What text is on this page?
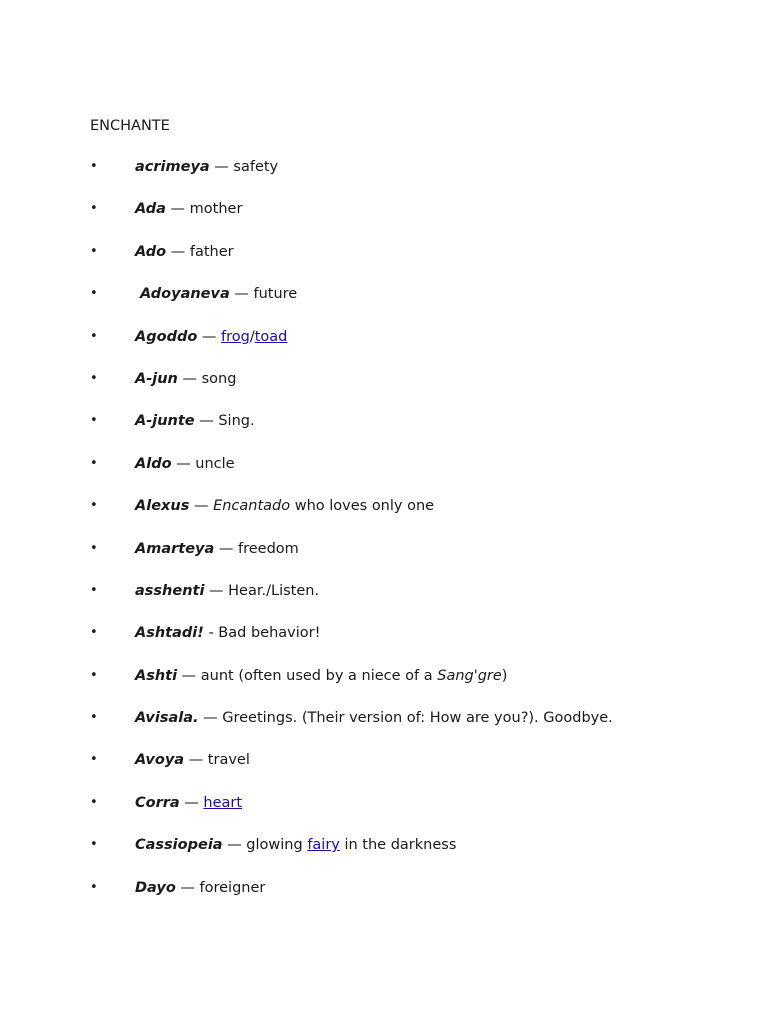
ENCHANTE
•	acrimeya — safety
•	Ada — mother
•	Ado — father
•	Adoyaneva — future
•	Agoddo — frog/toad
•	A-jun — song
•	A-junte — Sing.
•	Aldo — uncle
•	Alexus — Encantado who loves only one
•	Amarteya — freedom
•	asshenti — Hear./Listen.
•	Ashtadi! - Bad behavior!
•	Ashti — aunt (often used by a niece of a Sang'gre)
•	Avisala. — Greetings. (Their version of: How are you?). Goodbye.
•	Avoya — travel
•	Corra — heart
•	Cassiopeia — glowing fairy in the darkness
•	Dayo — foreigner
